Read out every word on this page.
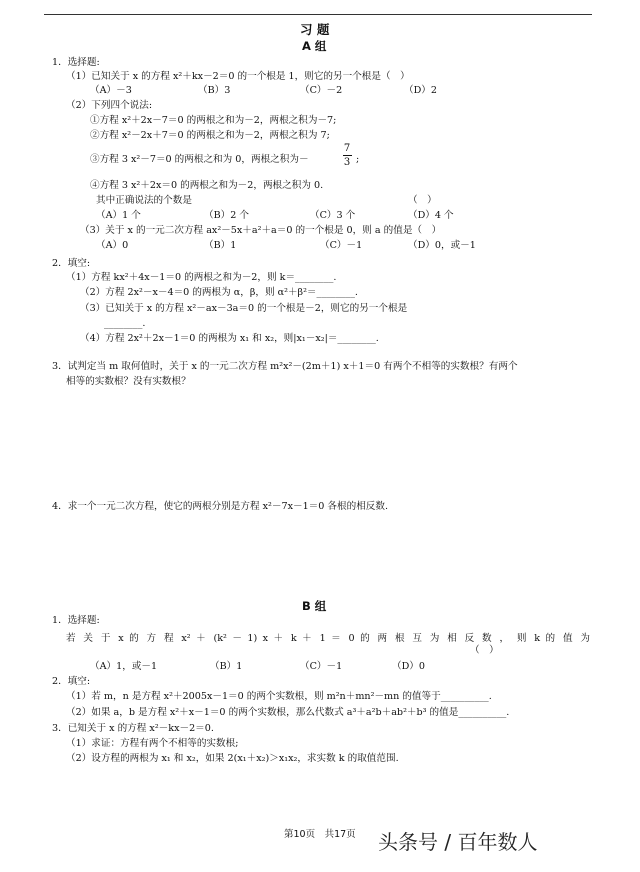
习 题
A 组
1．选择题:
（1）已知关于 x 的方程 x²＋kx－2＝0 的一个根是 1，则它的另一个根是（　）
（A）－3	（B）3	（C）－2	（D）2
（2）下列四个说法:
①方程 x²＋2x－7＝0 的两根之和为－2，两根之积为－7;
②方程 x²－2x＋7＝0 的两根之和为－2，两根之积为 7;
③方程 3 x²－7＝0 的两根之和为 0，两根之积为－
7
3 ;
④方程 3 x²＋2x＝0 的两根之和为－2，两根之积为 0.
其中正确说法的个数是	（　）
（A）1 个	（B）2 个	（C）3 个	（D）4 个
（3）关于 x 的一元二次方程 ax²－5x＋a²＋a＝0 的一个根是 0，则 a 的值是（　）
（A）0	（B）1	（C）－1	（D）0，或－1
2．填空:
（1）方程 kx²＋4x－1＝0 的两根之和为－2，则 k＝________.
（2）方程 2x²－x－4＝0 的两根为 α，β，则 α²＋β²＝________.
（3）已知关于 x 的方程 x²－ax－3a＝0 的一个根是－2，则它的另一个根是
________.
（4）方程 2x²＋2x－1＝0 的两根为 x₁ 和 x₂，则|x₁－x₂|＝________.
3．试判定当 m 取何值时，关于 x 的一元二次方程 m²x²－(2m＋1) x＋1＝0 有两个不相等的实数根？有两个
相等的实数根？没有实数根？
4．求一个一元二次方程，使它的两根分别是方程 x²－7x－1＝0 各根的相反数.
B 组
1．选择题:
若 关 于 x 的 方 程 x² ＋ (k² － 1) x ＋ k ＋ 1 ＝ 0 的 两 根 互 为 相 反 数 ， 则 k 的 值 为
（　）
（A）1，或－1	（B）1	（C）－1	（D）0
2．填空:
（1）若 m，n 是方程 x²＋2005x－1＝0 的两个实数根，则 m²n＋mn²－mn 的值等于__________.
（2）如果 a，b 是方程 x²＋x－1＝0 的两个实数根，那么代数式 a³＋a²b＋ab²＋b³ 的值是__________.
3．已知关于 x 的方程 x²－kx－2＝0.
（1）求证：方程有两个不相等的实数根;
（2）设方程的两根为 x₁ 和 x₂，如果 2(x₁＋x₂)＞x₁x₂，求实数 k 的取值范围.
第10页　共17页 头条号 / 百年数人
